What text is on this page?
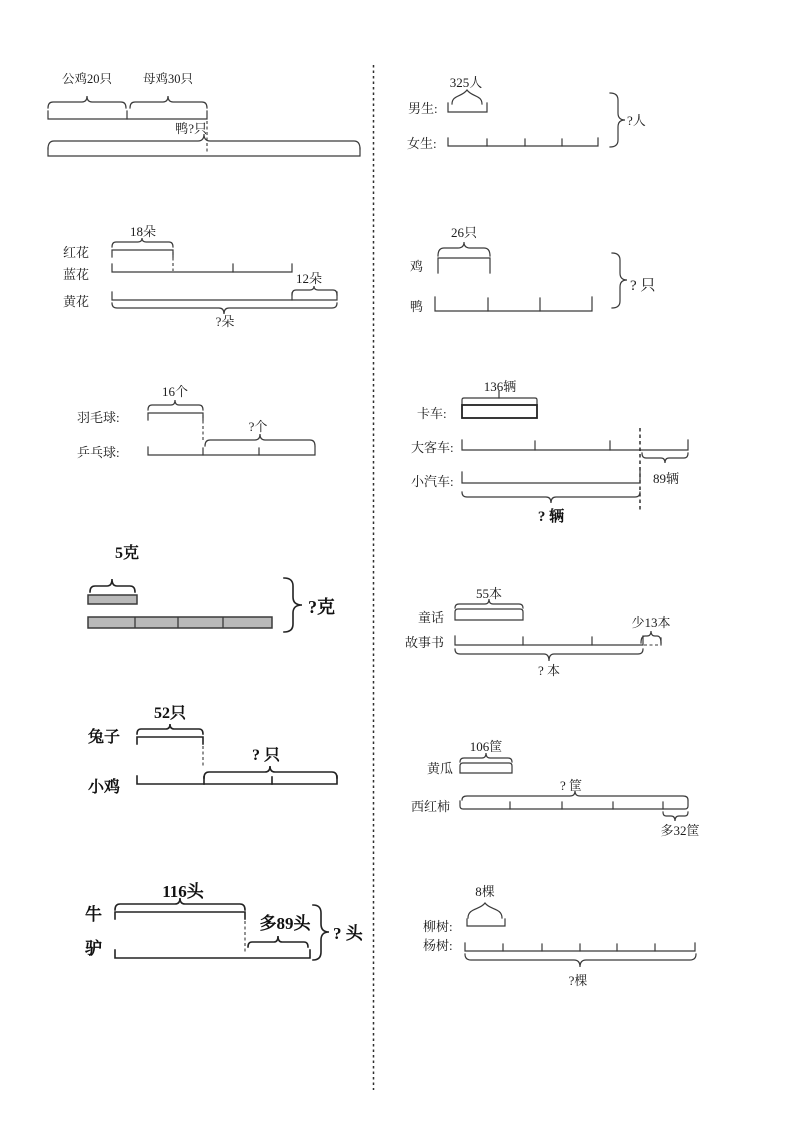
公鸡20只 母鸡30只
鸭?只
18朵
红花
蓝花	12朵
黄花
?朵
16个
羽毛球:
?个
乒乓球:
5克
?克
52只
兔子
? 只
小鸡
116头
牛	多89头
驴
? 头
325人
男生:
女生:
?人
26只
鸡
鸭
? 只
136辆
卡车:
大客车:
89辆
小汽车:
? 辆
55本
童话	少13本
故事书
? 本
106筐
黄瓜
? 筐
西红柿
多32筐
8棵
柳树:
杨树:
?棵
